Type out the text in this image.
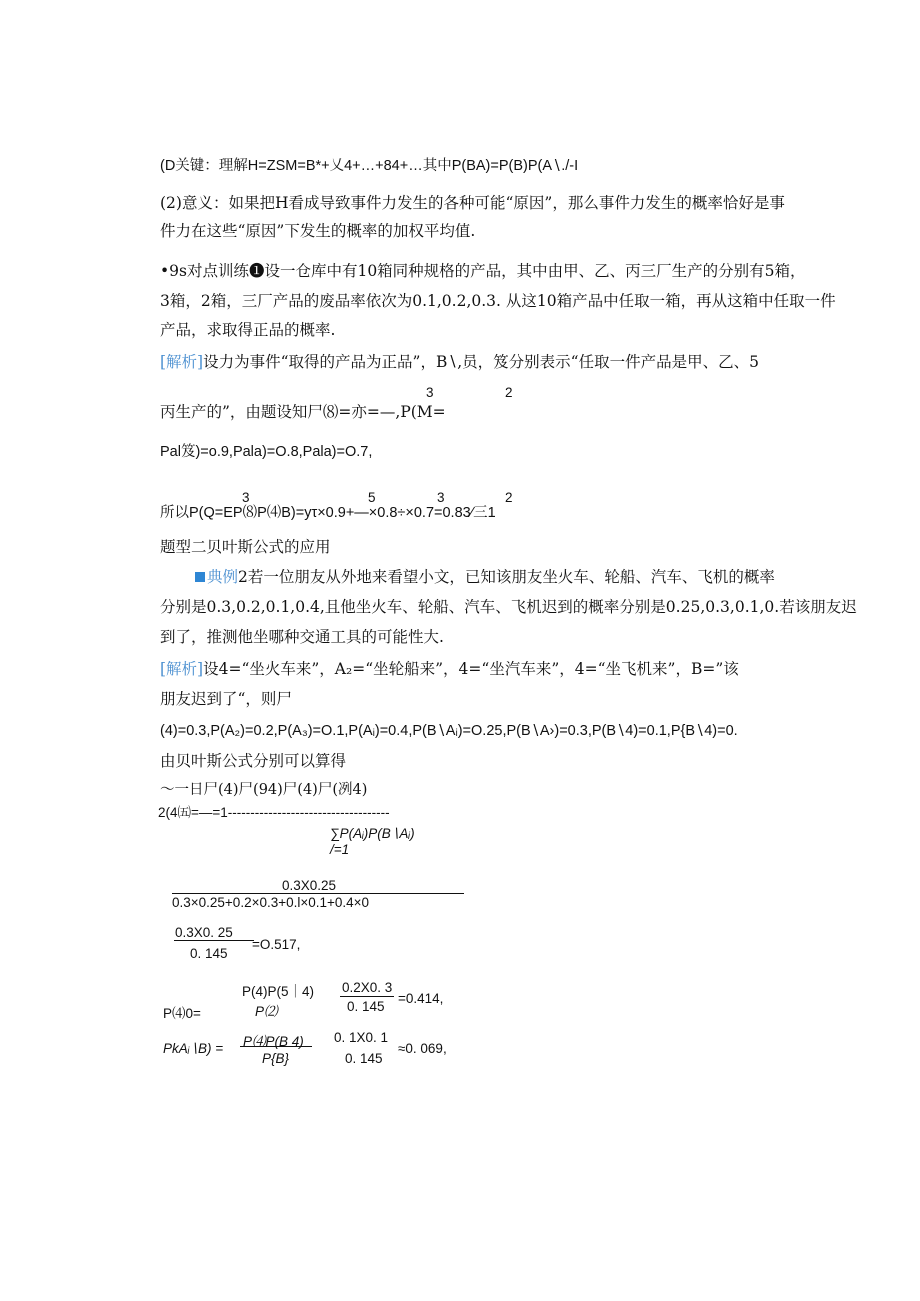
(D关键：理解H=ZSM=B*+乂4+…+84+…其中P(BA)=P(B)P(A∖./-I
(2)意义：如果把H看成导致事件力发生的各种可能“原因”，那么事件力发生的概率恰好是事
件力在这些“原因”下发生的概率的加权平均值.
•9s对点训练❶设一仓库中有10箱同种规格的产品，其中由甲、乙、丙三厂生产的分别有5箱，
3箱，2箱，三厂产品的废品率依次为0.1,0.2,0.3. 从这10箱产品中任取一箱，再从这箱中任取一件
产品，求取得正品的概率.
[解析]设力为事件“取得的产品为正品”，B∖,员，笈分别表示“任取一件产品是甲、乙、5
3	2
丙生产的”，由题设知尸⑻=亦=—,P(M=
Pal笈)=o.9,Pala)=O.8,Pala)=O.7,
3	5	3	2
所以P(Q=EP⑻P⑷B)=уτ×0.9+—×0.8÷×0.7=0.83∕三1
题型二贝叶斯公式的应用
典例2若一位朋友从外地来看望小文，已知该朋友坐火车、轮船、汽车、飞机的概率
分别是0.3,0.2,0.1,0.4,且他坐火车、轮船、汽车、飞机迟到的概率分别是0.25,0.3,0.1,0.若该朋友迟
到了，推测他坐哪种交通工具的可能性大.
[解析]设4=“坐火车来”，A₂=“坐轮船来”，4=“坐汽车来”，4=“坐飞机来”，B=”该
朋友迟到了“，则尸
(4)=0.3,P(A₂)=0.2,P(A₃)=O.1,P(Aᵢ)=0.4,P(B∖Aᵢ)=O.25,P(B∖A›)=0.3,P(B∖4)=0.1,P{B∖4)=0.
由贝叶斯公式分别可以算得
～一日尸(4)尸(94)尸(4)尸(冽4)
2(4㈤=—=1------------------------------------
∑P(Aᵢ)P(B∖Aᵢ)
/=1
0.3X0.25
0.3×0.25+0.2×0.3+0.l×0.1+0.4×0
0.3X0. 25
0. 145
=O.517,
P⑷0=
P(4)P(5｜4)
P⑵
0.2X0. 3
0. 145
=0.414,
PkAᵢ∖B) = P⑷P(B 4)
P{B}
0. 1X0. 1
0. 145
≈0. 069,
